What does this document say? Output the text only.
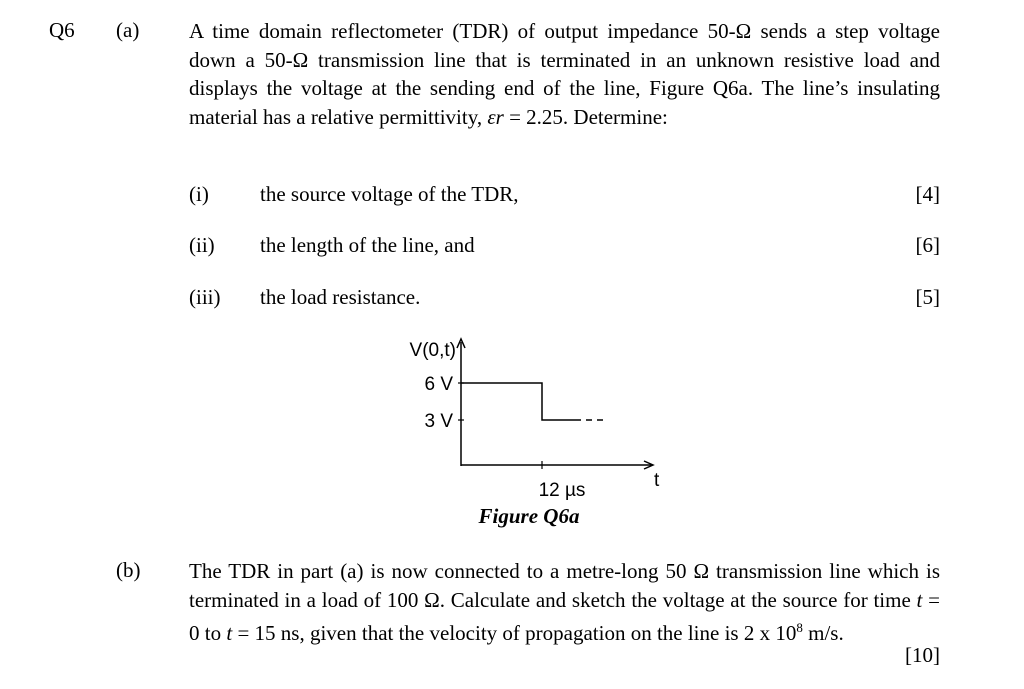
Q6 (a) A time domain reflectometer (TDR) of output impedance 50-Ω sends a step voltage down a 50-Ω transmission line that is terminated in an unknown resistive load and displays the voltage at the sending end of the line, Figure Q6a. The line’s insulating material has a relative permittivity, εr = 2.25. Determine:
(i) the source voltage of the TDR,	[4]
(ii) the length of the line, and	[6]
(iii) the load resistance.	[5]
V(0,t)
6 V
3 V
12 µs	t
Figure Q6a
(b) The TDR in part (a) is now connected to a metre-long 50 Ω transmission line which is terminated in a load of 100 Ω. Calculate and sketch the voltage at the source for time t = 0 to t = 15 ns, given that the velocity of propagation on the line is 2 x $10^8$ m/s.
[10]
